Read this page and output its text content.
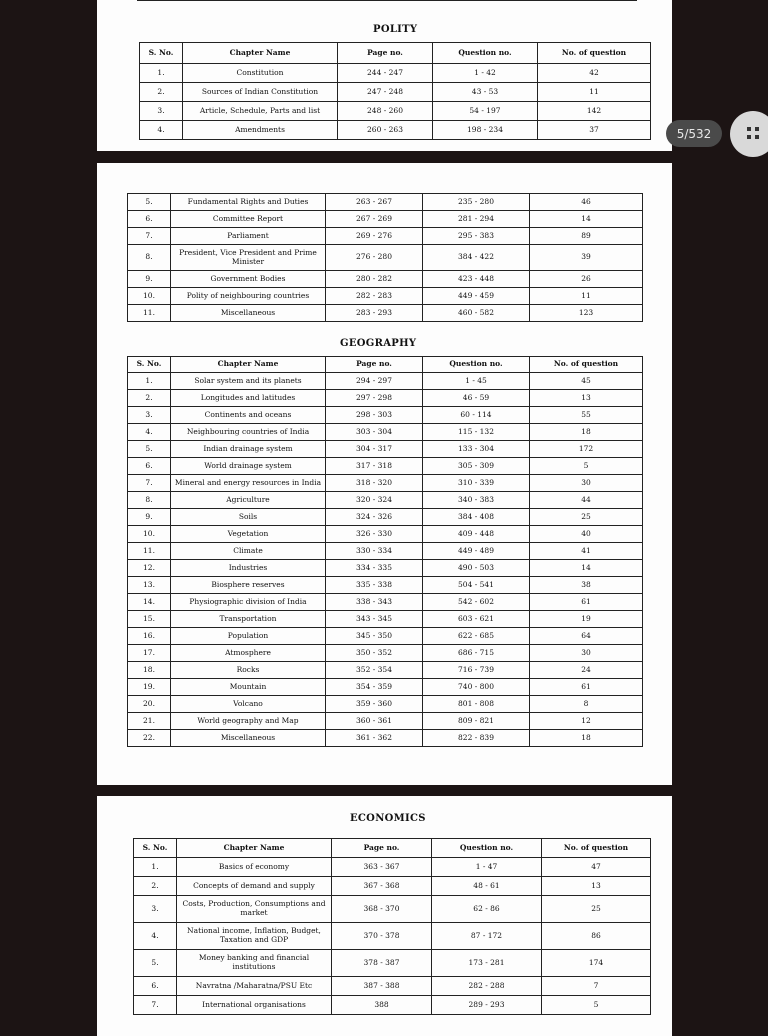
POLITY
S. No.	Chapter Name	Page no.	Question no.	No. of question
1.	Constitution	244 - 247	1 - 42	42
2.	Sources of Indian Constitution	247 - 248	43 - 53	11
3.	Article, Schedule, Parts and list	248 - 260	54 - 197	142
4.	Amendments	260 - 263	198 - 234	37
5.	Fundamental Rights and Duties	263 - 267	235 - 280	46
6.	Committee Report	267 - 269	281 - 294	14
7.	Parliament	269 - 276	295 - 383	89
8.	President, Vice President and Prime Minister	276 - 280	384 - 422	39
9.	Government Bodies	280 - 282	423 - 448	26
10.	Polity of neighbouring countries	282 - 283	449 - 459	11
11.	Miscellaneous	283 - 293	460 - 582	123
GEOGRAPHY
S. No.	Chapter Name	Page no.	Question no.	No. of question
1.	Solar system and its planets	294 - 297	1 - 45	45
2.	Longitudes and latitudes	297 - 298	46 - 59	13
3.	Continents and oceans	298 - 303	60 - 114	55
4.	Neighbouring countries of India	303 - 304	115 - 132	18
5.	Indian drainage system	304 - 317	133 - 304	172
6.	World drainage system	317 - 318	305 - 309	5
7.	Mineral and energy resources in India	318 - 320	310 - 339	30
8.	Agriculture	320 - 324	340 - 383	44
9.	Soils	324 - 326	384 - 408	25
10.	Vegetation	326 - 330	409 - 448	40
11.	Climate	330 - 334	449 - 489	41
12.	Industries	334 - 335	490 - 503	14
13.	Biosphere reserves	335 - 338	504 - 541	38
14.	Physiographic division of India	338 - 343	542 - 602	61
15.	Transportation	343 - 345	603 - 621	19
16.	Population	345 - 350	622 - 685	64
17.	Atmosphere	350 - 352	686 - 715	30
18.	Rocks	352 - 354	716 - 739	24
19.	Mountain	354 - 359	740 - 800	61
20.	Volcano	359 - 360	801 - 808	8
21.	World geography and Map	360 - 361	809 - 821	12
22.	Miscellaneous	361 - 362	822 - 839	18
ECONOMICS
S. No.	Chapter Name	Page no.	Question no.	No. of question
1.	Basics of economy	363 - 367	1 - 47	47
2.	Concepts of demand and supply	367 - 368	48 - 61	13
3.	Costs, Production, Consumptions and market	368 - 370	62 - 86	25
4.	National income, Inflation, Budget, Taxation and GDP	370 - 378	87 - 172	86
5.	Money banking and financial institutions	378 - 387	173 - 281	174
6.	Navratna /Maharatna/PSU Etc	387 - 388	282 - 288	7
7.	International organisations	388	289 - 293	5
5/532
